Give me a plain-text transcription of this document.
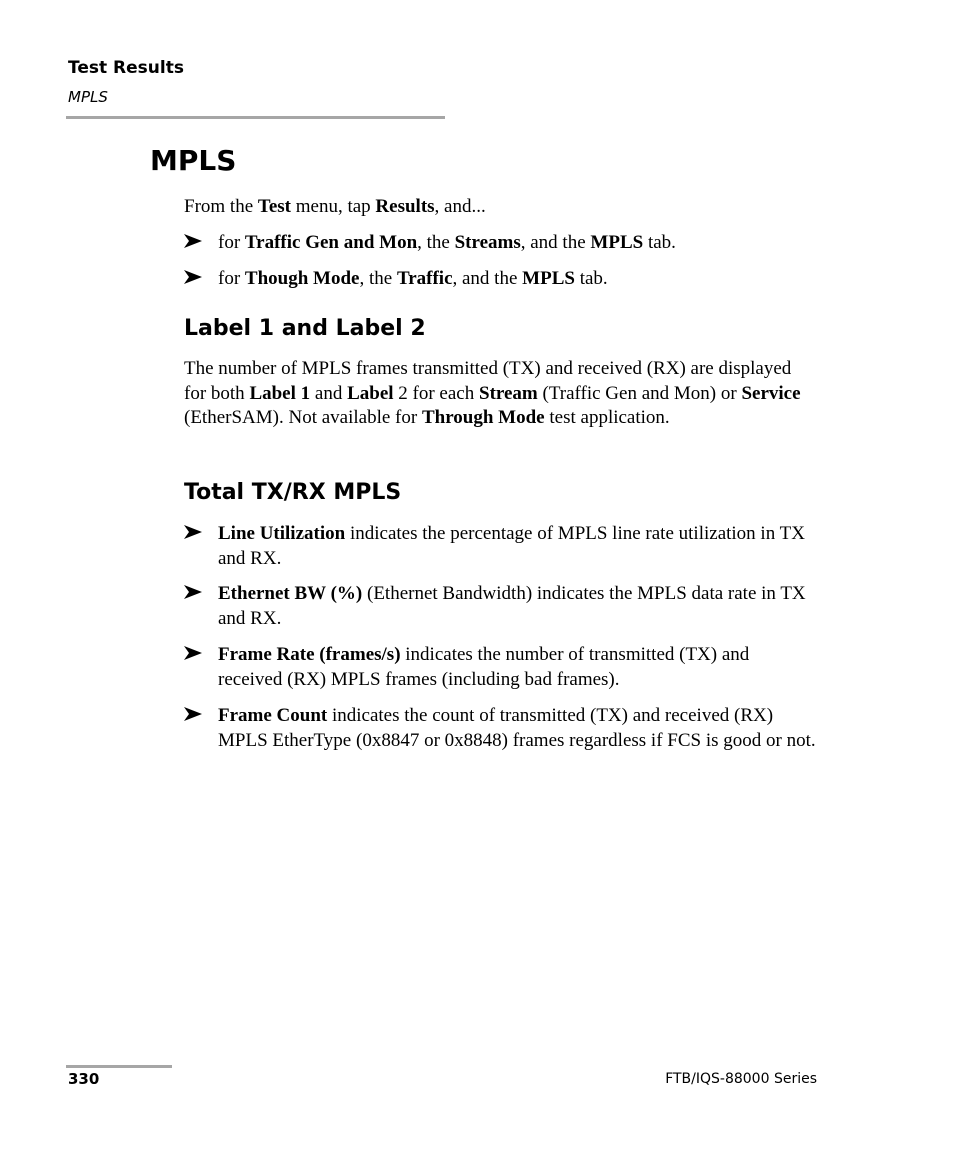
Test Results

MPLS

MPLS

From the Test menu, tap Results, and...

for Traffic Gen and Mon, the Streams, and the MPLS tab.
for Though Mode, the Traffic, and the MPLS tab.
Label 1 and Label 2

The number of MPLS frames transmitted (TX) and received (RX) are displayed for both Label 1 and Label 2 for each Stream (Traffic Gen and Mon) or Service (EtherSAM). Not available for Through Mode test application.

Total TX/RX MPLS
Line Utilization indicates the percentage of MPLS line rate utilization in TX and RX.
Ethernet BW (%) (Ethernet Bandwidth) indicates the MPLS data rate in TX and RX.
Frame Rate (frames/s) indicates the number of transmitted (TX) and received (RX) MPLS frames (including bad frames).
Frame Count indicates the count of transmitted (TX) and received (RX) MPLS EtherType (0x8847 or 0x8848) frames regardless if FCS is good or not.

330	FTB/IQS-88000 Series
